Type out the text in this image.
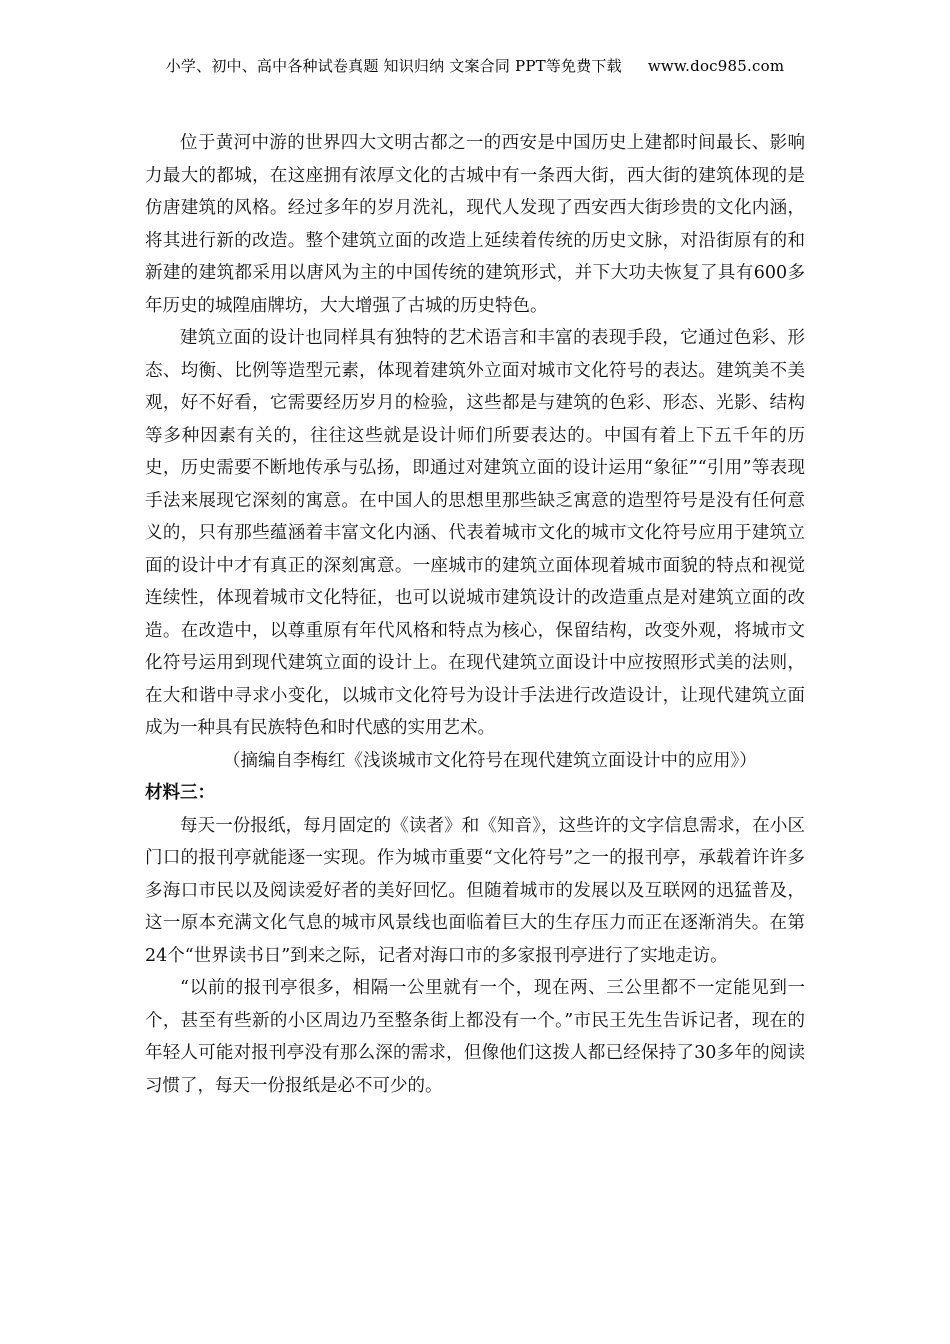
小学、初中、高中各种试卷真题 知识归纳 文案合同 PPT等免费下载 www.doc985.com

位于黄河中游的世界四大文明古都之一的西安是中国历史上建都时间最长、影响力最大的都城，在这座拥有浓厚文化的古城中有一条西大街，西大街的建筑体现的是仿唐建筑的风格。经过多年的岁月洗礼，现代人发现了西安西大街珍贵的文化内涵，将其进行新的改造。整个建筑立面的改造上延续着传统的历史文脉，对沿街原有的和新建的建筑都采用以唐风为主的中国传统的建筑形式，并下大功夫恢复了具有600多年历史的城隍庙牌坊，大大增强了古城的历史特色。

建筑立面的设计也同样具有独特的艺术语言和丰富的表现手段，它通过色彩、形态、均衡、比例等造型元素，体现着建筑外立面对城市文化符号的表达。建筑美不美观，好不好看，它需要经历岁月的检验，这些都是与建筑的色彩、形态、光影、结构等多种因素有关的，往往这些就是设计师们所要表达的。中国有着上下五千年的历史，历史需要不断地传承与弘扬，即通过对建筑立面的设计运用“象征”“引用”等表现手法来展现它深刻的寓意。在中国人的思想里那些缺乏寓意的造型符号是没有任何意义的，只有那些蕴涵着丰富文化内涵、代表着城市文化的城市文化符号应用于建筑立面的设计中才有真正的深刻寓意。一座城市的建筑立面体现着城市面貌的特点和视觉连续性，体现着城市文化特征，也可以说城市建筑设计的改造重点是对建筑立面的改造。在改造中，以尊重原有年代风格和特点为核心，保留结构，改变外观，将城市文化符号运用到现代建筑立面的设计上。在现代建筑立面设计中应按照形式美的法则，在大和谐中寻求小变化，以城市文化符号为设计手法进行改造设计，让现代建筑立面成为一种具有民族特色和时代感的实用艺术。

（摘编自李梅红《浅谈城市文化符号在现代建筑立面设计中的应用》）

材料三：

每天一份报纸，每月固定的《读者》和《知音》，这些许的文字信息需求，在小区门口的报刊亭就能逐一实现。作为城市重要“文化符号”之一的报刊亭，承载着许许多多海口市民以及阅读爱好者的美好回忆。但随着城市的发展以及互联网的迅猛普及，这一原本充满文化气息的城市风景线也面临着巨大的生存压力而正在逐渐消失。在第24个“世界读书日”到来之际，记者对海口市的多家报刊亭进行了实地走访。

“以前的报刊亭很多，相隔一公里就有一个，现在两、三公里都不一定能见到一个，甚至有些新的小区周边乃至整条街上都没有一个。”市民王先生告诉记者，现在的年轻人可能对报刊亭没有那么深的需求，但像他们这拨人都已经保持了30多年的阅读习惯了，每天一份报纸是必不可少的。
